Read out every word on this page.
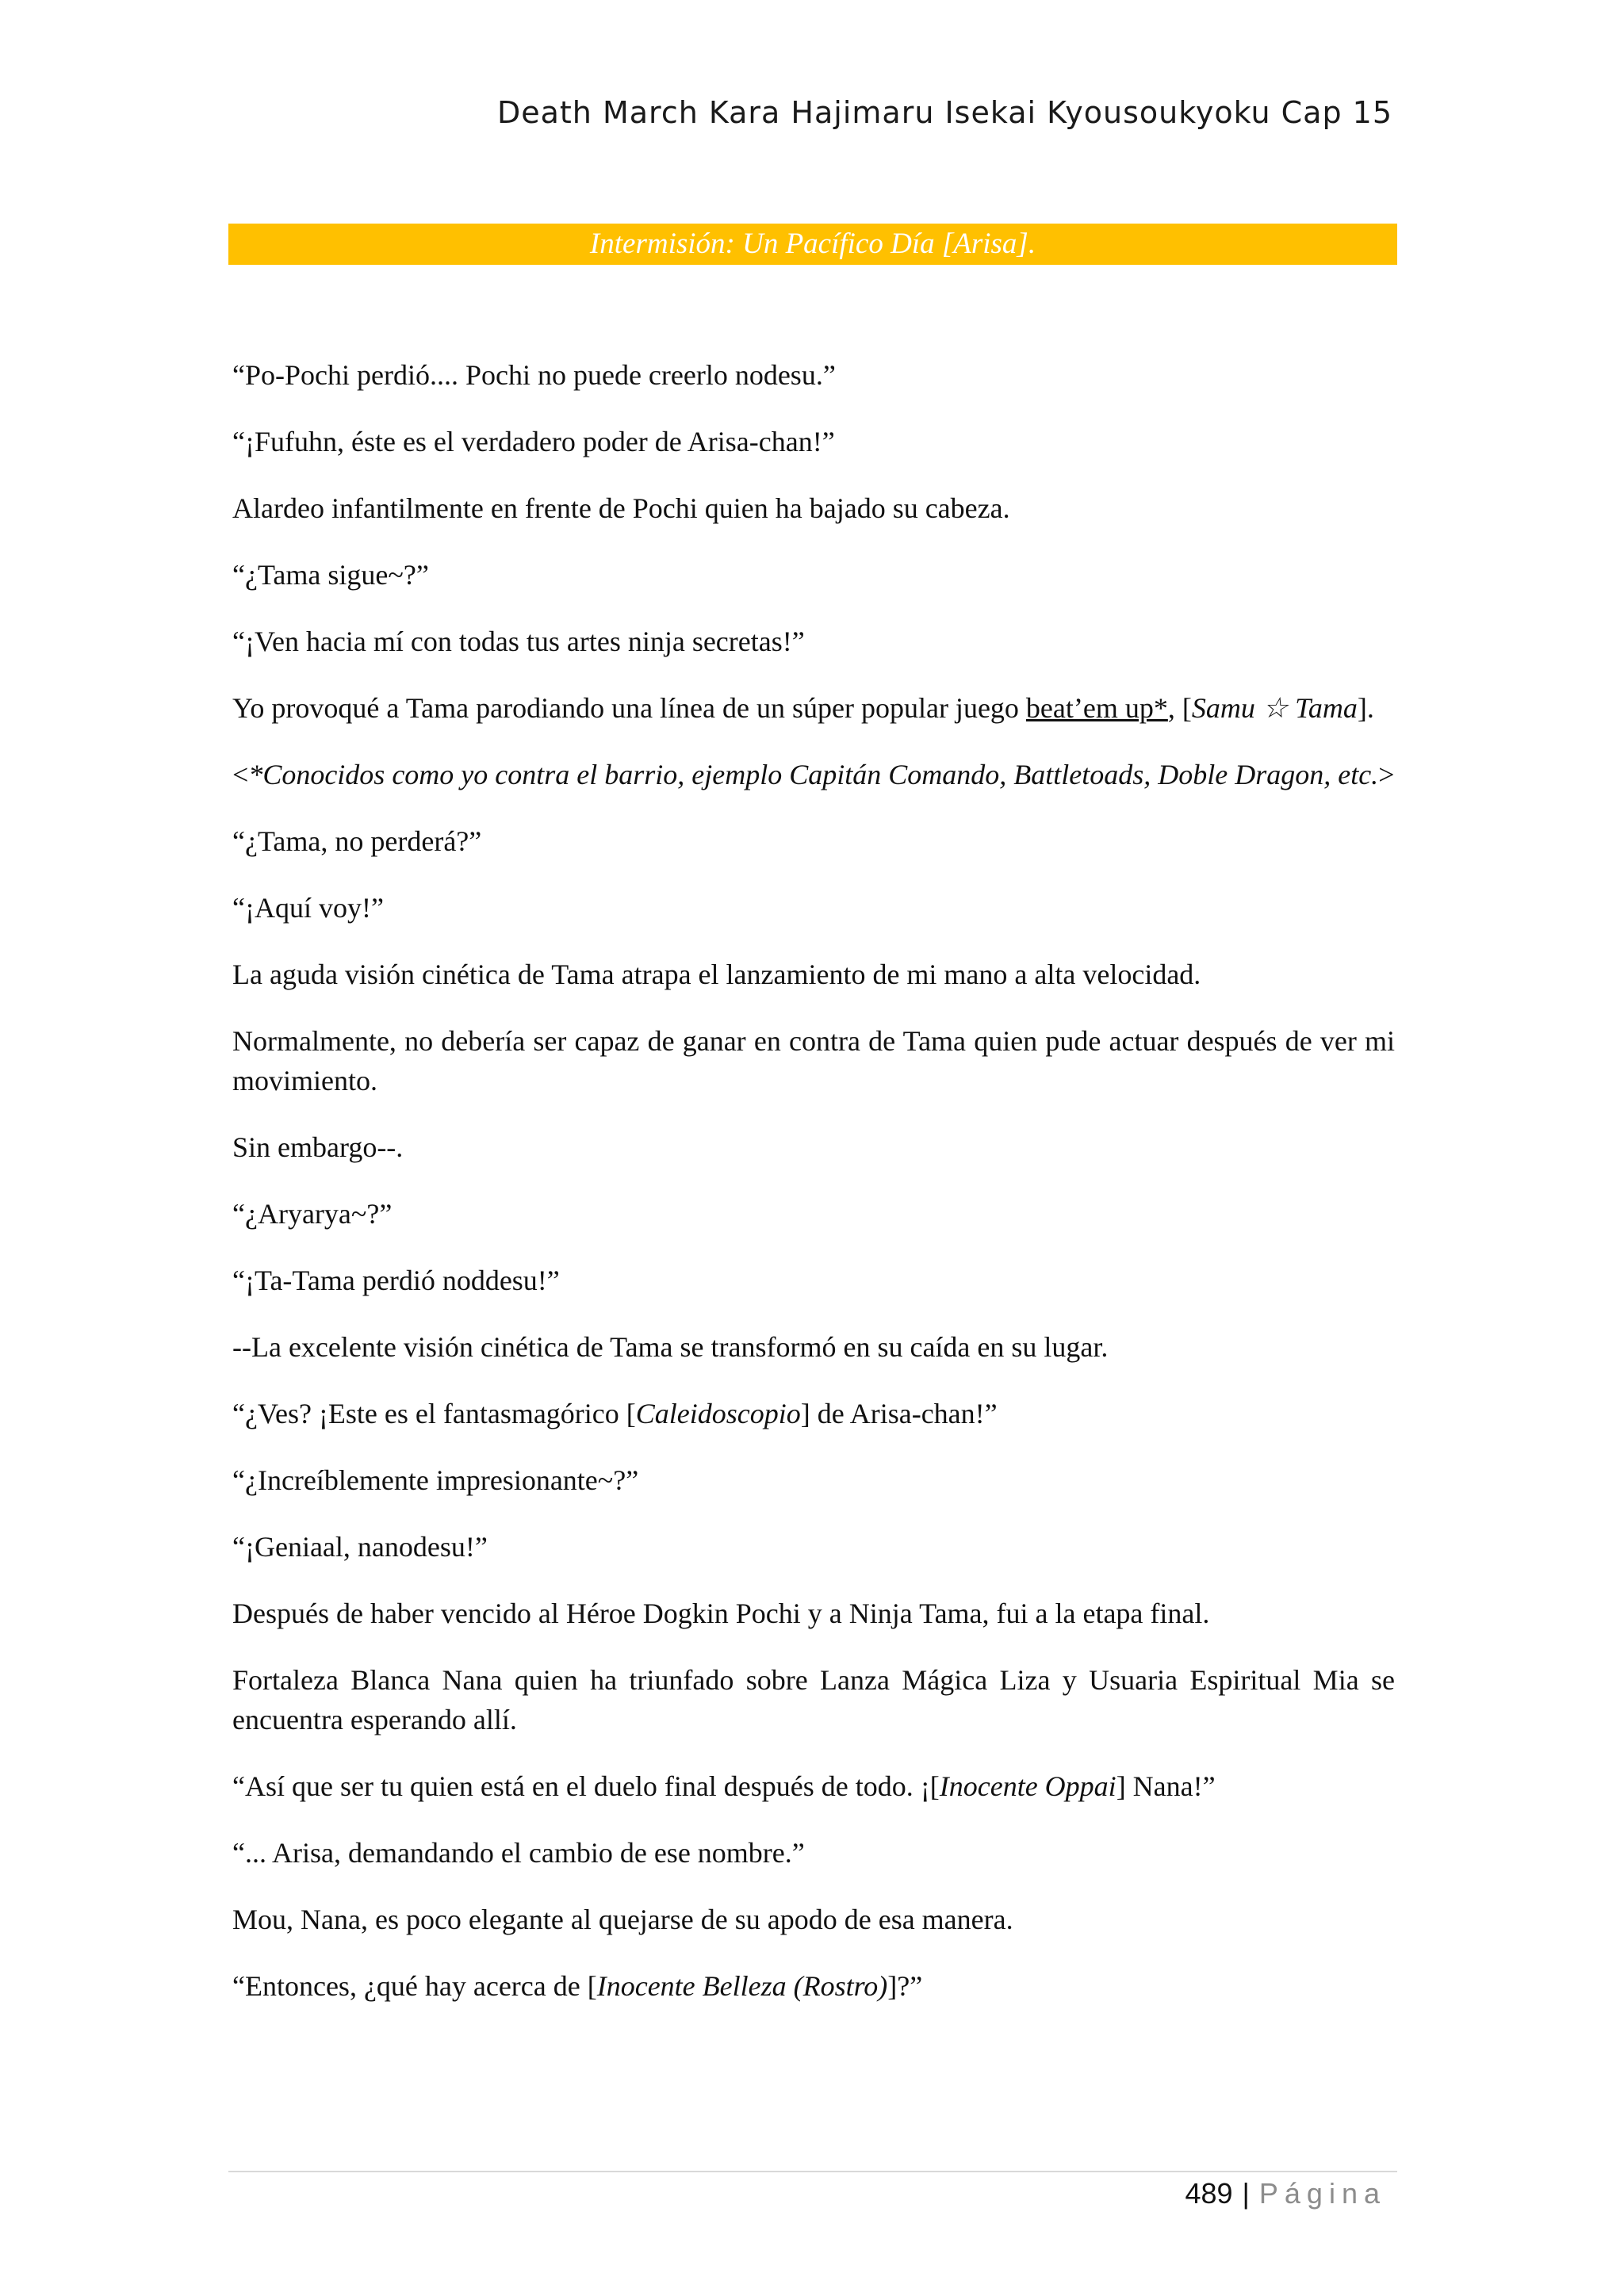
Death March Kara Hajimaru Isekai Kyousoukyoku Cap 15
Intermisión: Un Pacífico Día [Arisa].

“Po-Pochi perdió.... Pochi no puede creerlo nodesu.”

“¡Fufuhn, éste es el verdadero poder de Arisa-chan!”

Alardeo infantilmente en frente de Pochi quien ha bajado su cabeza.

“¿Tama sigue~?”

“¡Ven hacia mí con todas tus artes ninja secretas!”

Yo provoqué a Tama parodiando una línea de un súper popular juego beat’em up*, [Samu ☆ Tama].

<*Conocidos como yo contra el barrio, ejemplo Capitán Comando, Battletoads, Doble Dragon, etc.>

“¿Tama, no perderá?”

“¡Aquí voy!”

La aguda visión cinética de Tama atrapa el lanzamiento de mi mano a alta velocidad.

Normalmente, no debería ser capaz de ganar en contra de Tama quien pude actuar después de ver mi movimiento.

Sin embargo--.

“¿Aryarya~?”

“¡Ta-Tama perdió noddesu!”

--La excelente visión cinética de Tama se transformó en su caída en su lugar.

“¿Ves? ¡Este es el fantasmagórico [Caleidoscopio] de Arisa-chan!”

“¿Increíblemente impresionante~?”

“¡Geniaal, nanodesu!”

Después de haber vencido al Héroe Dogkin Pochi y a Ninja Tama, fui a la etapa final.

Fortaleza Blanca Nana quien ha triunfado sobre Lanza Mágica Liza y Usuaria Espiritual Mia se encuentra esperando allí.

“Así que ser tu quien está en el duelo final después de todo. ¡[Inocente Oppai] Nana!”

“... Arisa, demandando el cambio de ese nombre.”

Mou, Nana, es poco elegante al quejarse de su apodo de esa manera.

“Entonces, ¿qué hay acerca de [Inocente Belleza (Rostro)]?”

489 | Página
